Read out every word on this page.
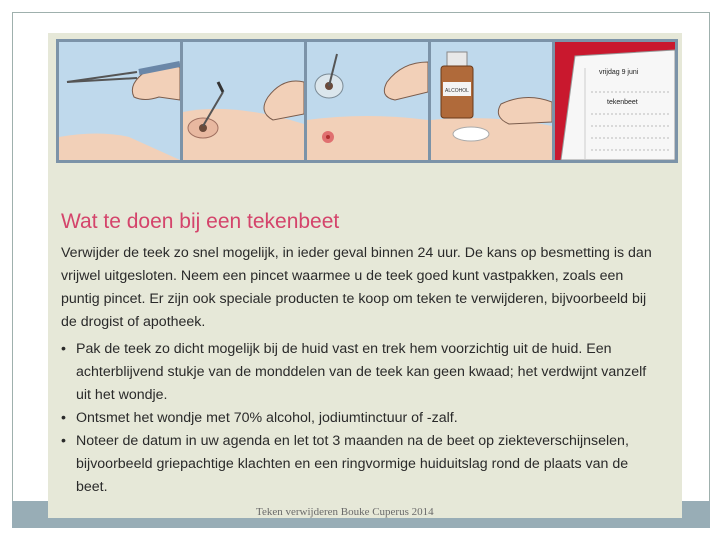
ALCOHOL
vrijdag 9 juni
tekenbeet
Wat te doen bij een tekenbeet

Verwijder de teek zo snel mogelijk, in ieder geval binnen 24 uur. De kans op besmetting is dan vrijwel uitgesloten. Neem een pincet waarmee u de teek goed kunt vastpakken, zoals een puntig pincet. Er zijn ook speciale producten te koop om teken te verwijderen, bijvoorbeeld bij de drogist of apotheek.

• Pak de teek zo dicht mogelijk bij de huid vast en trek hem voorzichtig uit de huid. Een achterblijvend stukje van de monddelen van de teek kan geen kwaad; het verdwijnt vanzelf uit het wondje.
• Ontsmet het wondje met 70% alcohol, jodiumtinctuur of -zalf.
• Noteer de datum in uw agenda en let tot 3 maanden na de beet op ziekteverschijnselen, bijvoorbeeld griepachtige klachten en een ringvormige huiduitslag rond de plaats van de beet.
Teken verwijderen Bouke Cuperus 2014
